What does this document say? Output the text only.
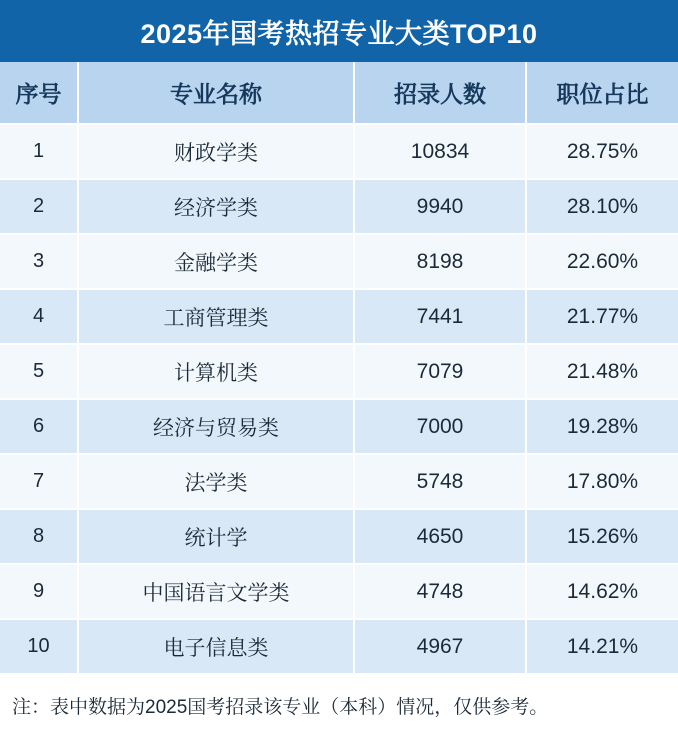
2025年国考热招专业大类TOP10
序号	专业名称	招录人数	职位占比
1	财政学类	10834	28.75%
2	经济学类	9940	28.10%
3	金融学类	8198	22.60%
4	工商管理类	7441	21.77%
5	计算机类	7079	21.48%
6	经济与贸易类	7000	19.28%
7	法学类	5748	17.80%
8	统计学	4650	15.26%
9	中国语言文学类	4748	14.62%
10	电子信息类	4967	14.21%
注：表中数据为2025国考招录该专业（本科）情况，仅供参考。
